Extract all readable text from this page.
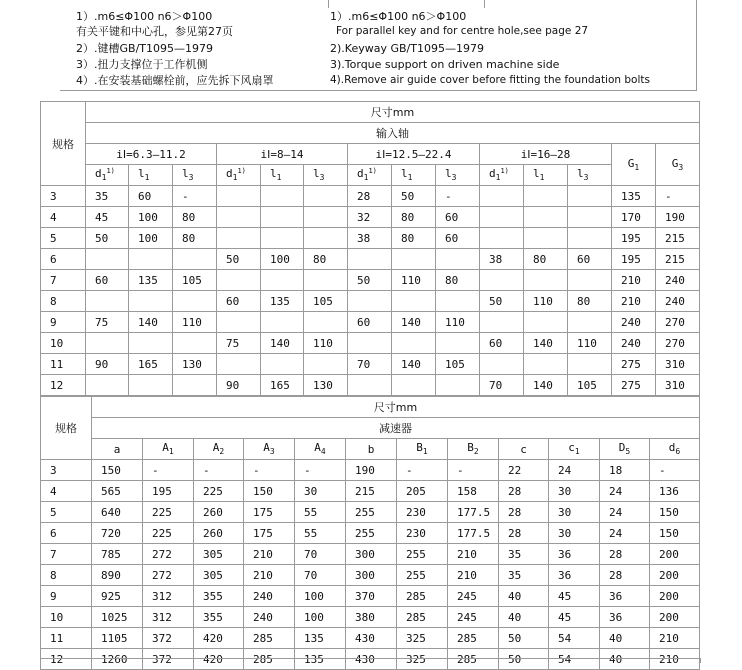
1）.m6≤Φ100 n6＞Φ100
有关平键和中心孔，参见第27页
2）.键槽GB/T1095—1979
3）.扭力支撑位于工作机侧
4）.在安装基础螺栓前，应先拆下风扇罩
1）.m6≤Φ100 n6＞Φ100
For parallel key and for centre hole,see page 27
2).Keyway GB/T1095—1979
3).Torque support on driven machine side
4).Remove air guide cover before fitting the foundation bolts
规格	尺寸mm													
	输入轴													
	iⅠ=6.3—11.2			iⅠ=8—14			iⅠ=12.5—22.4			iⅠ=16—28			$G_1$	$G_3$
	$d_1^{1)}$	$l_1$	$l_3$	$d_1^{1)}$	$l_1$	$l_3$	$d_1^{1)}$	$l_1$	$l_3$	$d_1^{1)}$	$l_1$	$l_3$
3	35	60	-				28	50	-				135	-
4	45	100	80				32	80	60				170	190
5	50	100	80				38	80	60				195	215
6				50	100	80				38	80	60	195	215
7	60	135	105				50	110	80				210	240
8				60	135	105				50	110	80	210	240
9	75	140	110				60	140	110				240	270
10				75	140	110				60	140	110	240	270
11	90	165	130				70	140	105				275	310
12				90	165	130				70	140	105	275	310
规格	尺寸mm											
	减速器											
	a	$A_1$	$A_2$	$A_3$	$A_4$	b	$B_1$	$B_2$	c	$c_1$	$D_5$	$d_6$
3	150	-	-	-	-	190	-	-	22	24	18	-
4	565	195	225	150	30	215	205	158	28	30	24	136
5	640	225	260	175	55	255	230	177.5	28	30	24	150
6	720	225	260	175	55	255	230	177.5	28	30	24	150
7	785	272	305	210	70	300	255	210	35	36	28	200
8	890	272	305	210	70	300	255	210	35	36	28	200
9	925	312	355	240	100	370	285	245	40	45	36	200
10	1025	312	355	240	100	380	285	245	40	45	36	200
11	1105	372	420	285	135	430	325	285	50	54	40	210
12	1260	372	420	285	135	430	325	285	50	54	40	210
